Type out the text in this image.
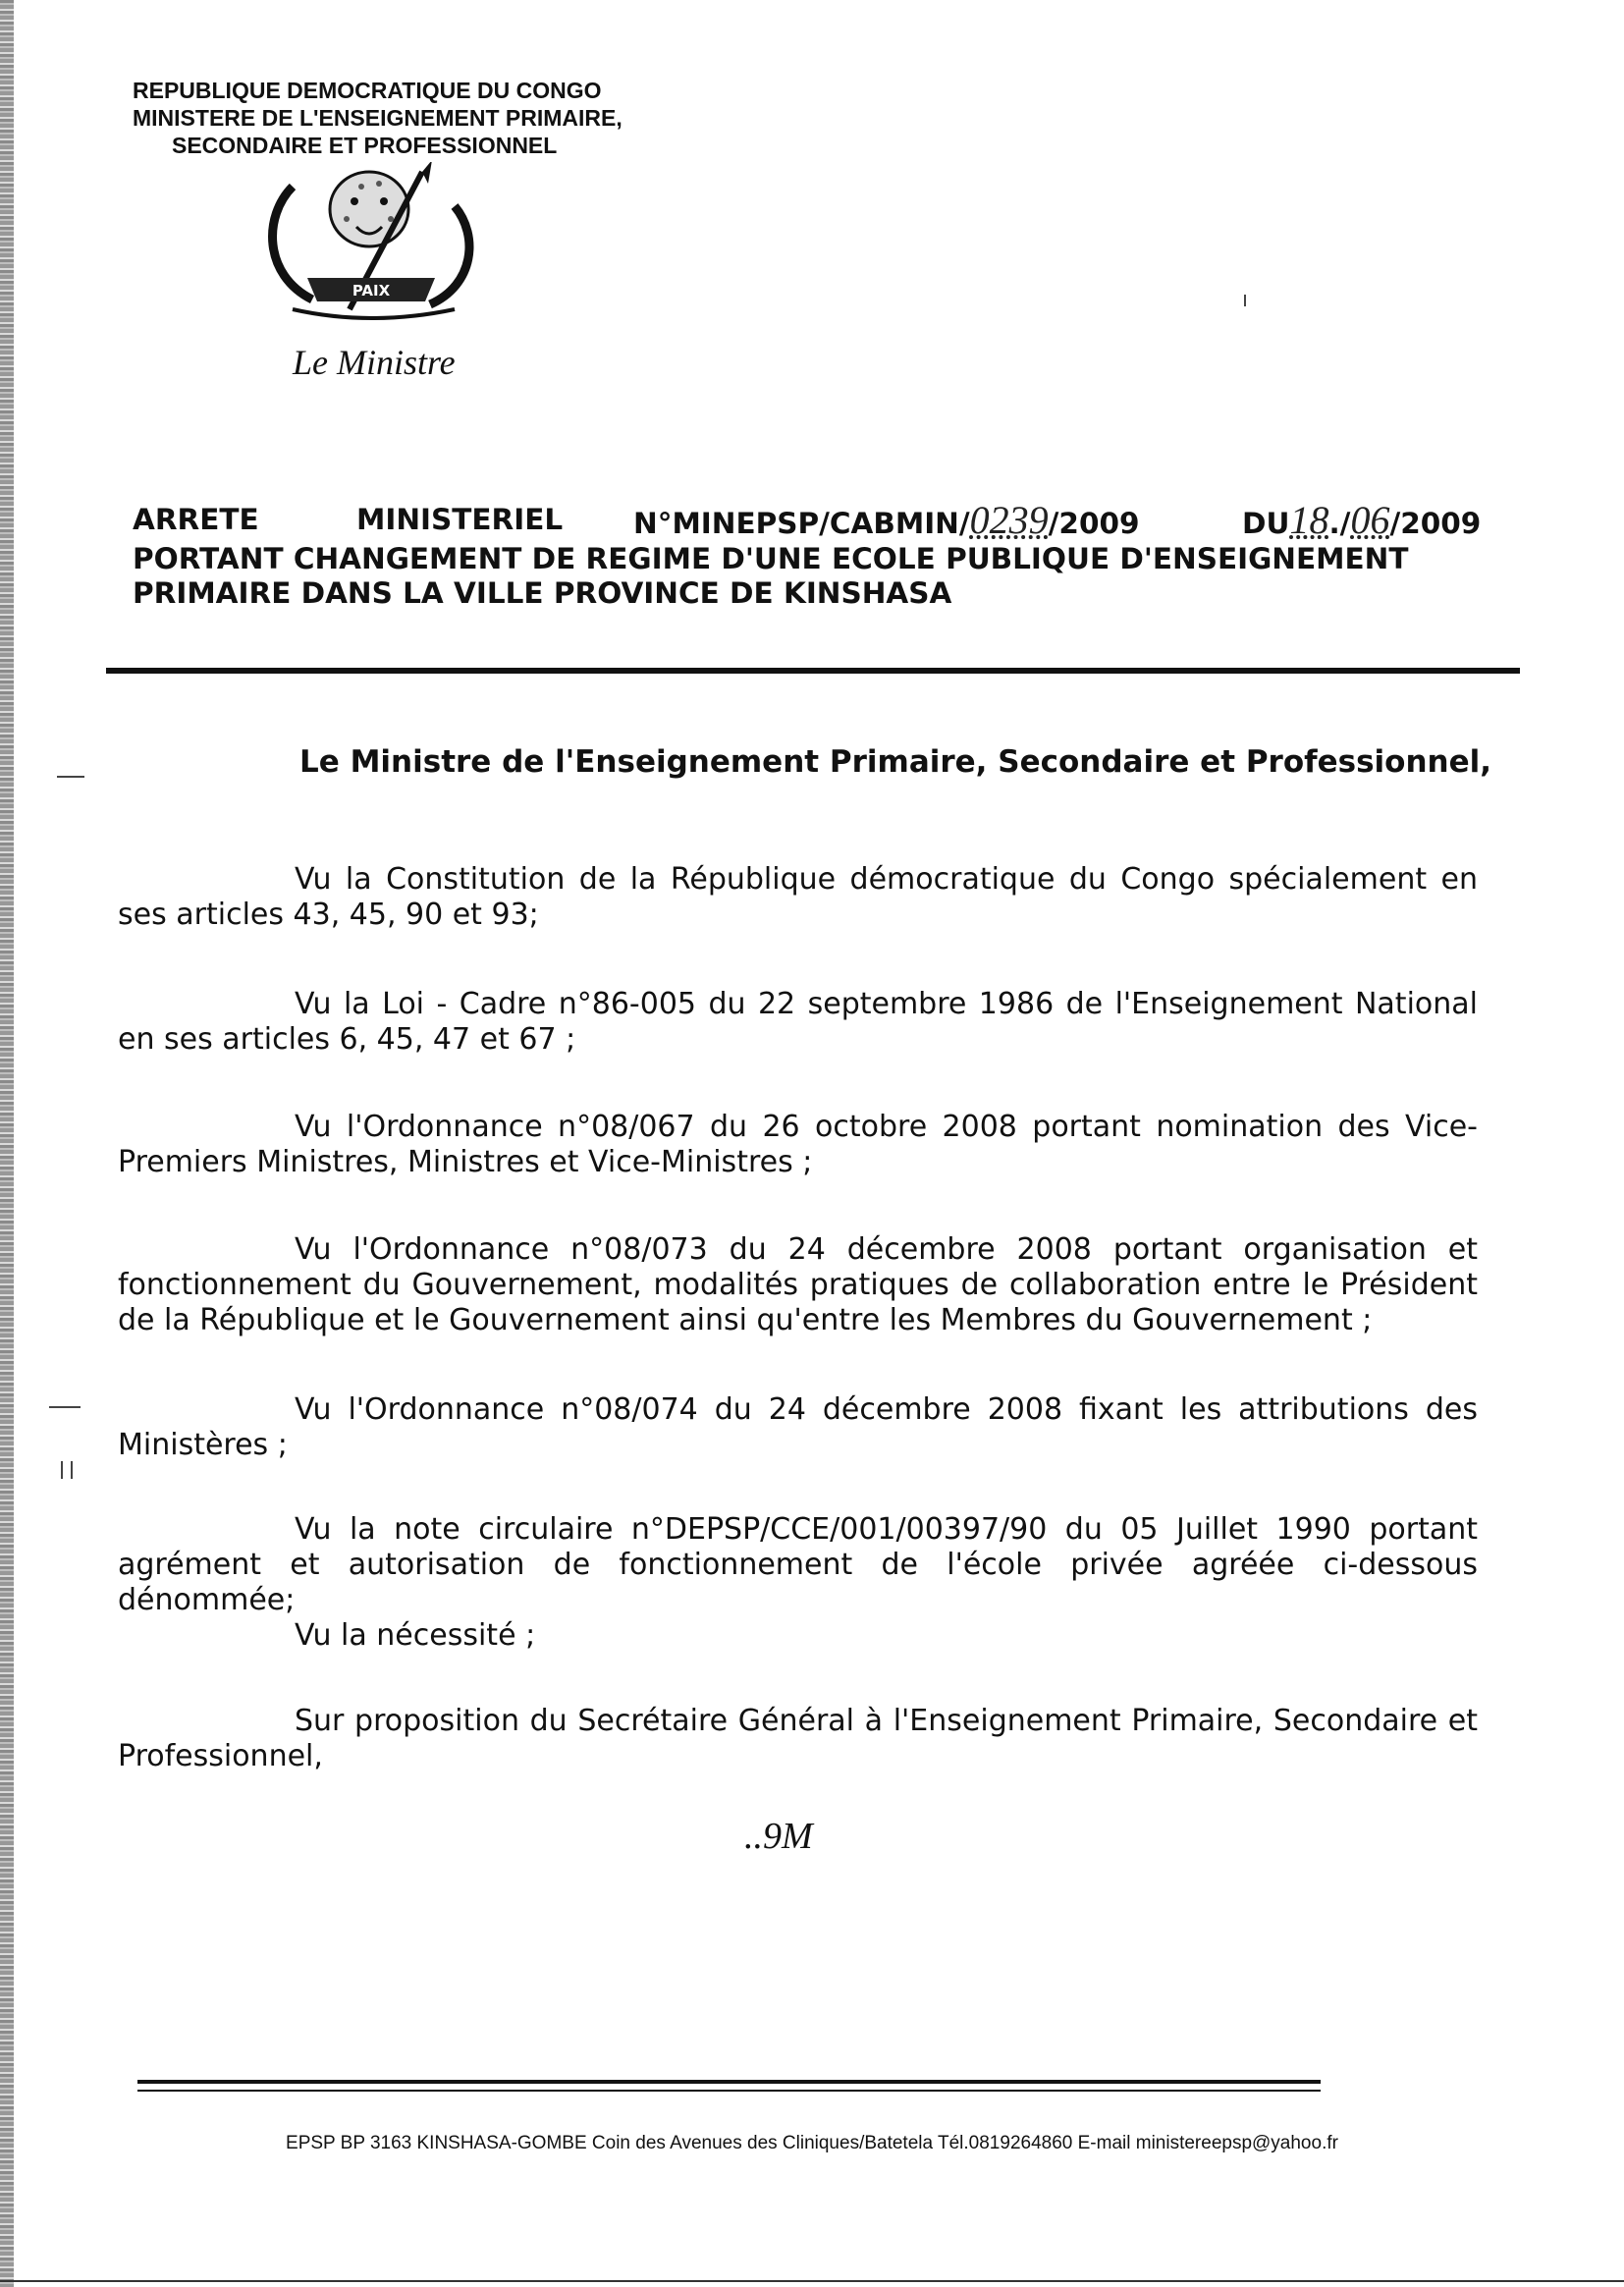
REPUBLIQUE DEMOCRATIQUE DU CONGO
MINISTERE DE L'ENSEIGNEMENT PRIMAIRE,
SECONDAIRE ET PROFESSIONNEL
PAIX
Le Ministre
ARRETE	MINISTERIEL N°MINEPSP/CABMIN/0239/2009	DU18./06/2009
PORTANT CHANGEMENT DE REGIME D'UNE ECOLE PUBLIQUE D'ENSEIGNEMENT
PRIMAIRE DANS LA VILLE PROVINCE DE KINSHASA
Le Ministre de l'Enseignement Primaire, Secondaire et Professionnel,
Vu la Constitution de la République démocratique du Congo spécialement en ses articles 43, 45, 90 et 93;
Vu la Loi - Cadre n°86-005 du 22 septembre 1986 de l'Enseignement National en ses articles 6, 45, 47 et 67 ;
Vu l'Ordonnance n°08/067 du 26 octobre 2008 portant nomination des Vice-Premiers Ministres, Ministres et Vice-Ministres ;
Vu l'Ordonnance n°08/073 du 24 décembre 2008 portant organisation et fonctionnement du Gouvernement, modalités pratiques de collaboration entre le Président de la République et le Gouvernement ainsi qu'entre les Membres du Gouvernement ;
Vu l'Ordonnance n°08/074 du 24 décembre 2008 fixant les attributions des Ministères ;
Vu la note circulaire n°DEPSP/CCE/001/00397/90 du 05 Juillet 1990 portant agrément et autorisation de fonctionnement de l'école privée agréée ci-dessous dénommée;
Vu la nécessité ;
Sur proposition du Secrétaire Général à l'Enseignement Primaire, Secondaire et Professionnel,
..9M
EPSP BP 3163 KINSHASA-GOMBE Coin des Avenues des Cliniques/Batetela Tél.0819264860 E-mail ministereepsp@yahoo.fr
